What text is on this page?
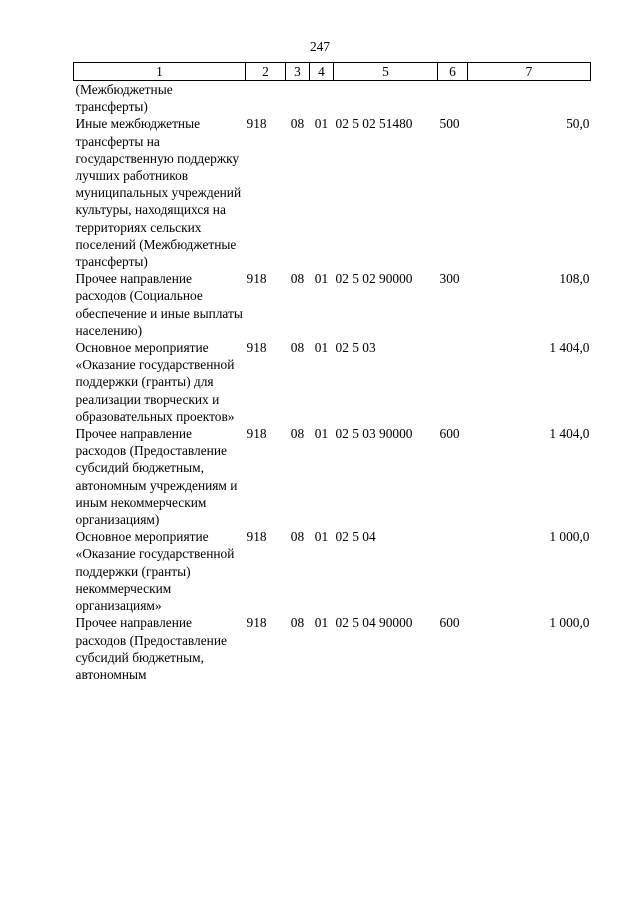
247
1	2	3	4	5	6	7
(Межбюджетные трансферты)						
Иные межбюджетные трансферты на государственную поддержку лучших работников муниципальных учреждений культуры, находящихся на территориях сельских поселений (Межбюджетные трансферты)	918	08	01	02 5 02 51480	500	50,0
Прочее направление расходов (Социальное обеспечение и иные выплаты населению)	918	08	01	02 5 02 90000	300	108,0
Основное мероприятие «Оказание государственной поддержки (гранты) для реализации творческих и образовательных проектов»	918	08	01	02 5 03		1 404,0
Прочее направление расходов (Предоставление субсидий бюджетным, автономным учреждениям и иным некоммерческим организациям)	918	08	01	02 5 03 90000	600	1 404,0
Основное мероприятие «Оказание государственной поддержки (гранты) некоммерческим организациям»	918	08	01	02 5 04		1 000,0
Прочее направление расходов (Предоставление субсидий бюджетным, автономным	918	08	01	02 5 04 90000	600	1 000,0
